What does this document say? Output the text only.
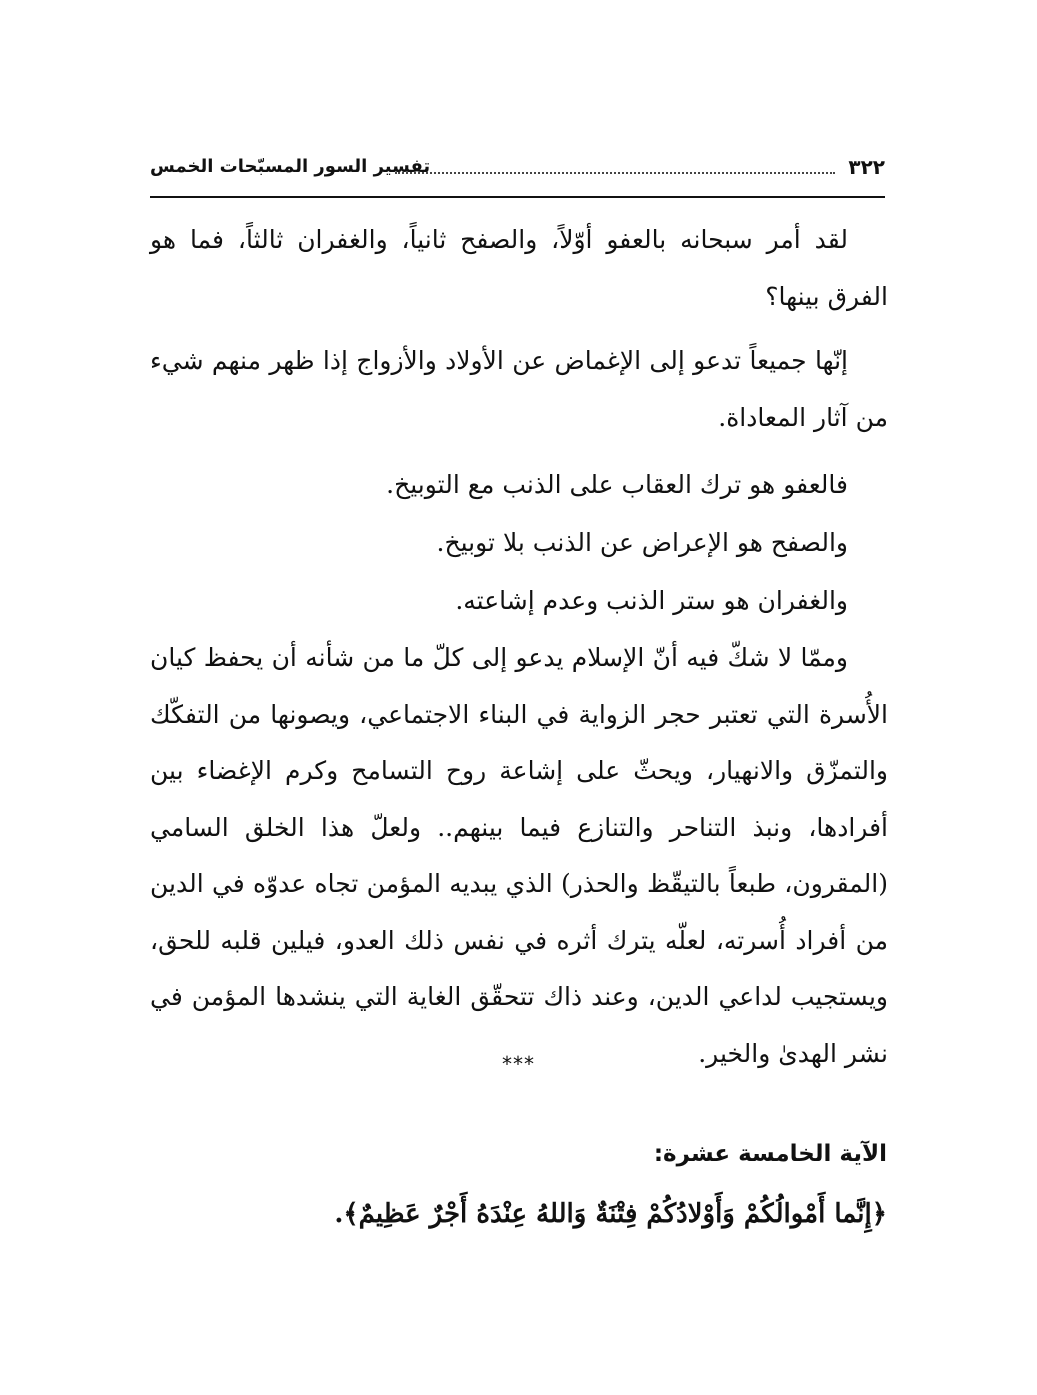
٣٢٢
تفسير السور المسبّحات الخمس

لقد أمر سبحانه بالعفو أوّلاً، والصفح ثانياً، والغفران ثالثاً، فما هو الفرق بينها؟

إنّها جميعاً تدعو إلى الإغماض عن الأولاد والأزواج إذا ظهر منهم شيء من آثار المعاداة.

فالعفو هو ترك العقاب على الذنب مع التوبيخ.

والصفح هو الإعراض عن الذنب بلا توبيخ.

والغفران هو ستر الذنب وعدم إشاعته.

وممّا لا شكّ فيه أنّ الإسلام يدعو إلى كلّ ما من شأنه أن يحفظ كيان الأُسرة التي تعتبر حجر الزواية في البناء الاجتماعي، ويصونها من التفكّك والتمزّق والانهيار، ويحثّ على إشاعة روح التسامح وكرم الإغضاء بين أفرادها، ونبذ التناحر والتنازع فيما بينهم.. ولعلّ هذا الخلق السامي (المقرون، طبعاً بالتيقّظ والحذر) الذي يبديه المؤمن تجاه عدوّه في الدين من أفراد أُسرته، لعلّه يترك أثره في نفس ذلك العدو، فيلين قلبه للحق، ويستجيب لداعي الدين، وعند ذاك تتحقّق الغاية التي ينشدها المؤمن في نشر الهدىٰ والخير.

***
الآية الخامسة عشرة:
﴿إِنَّما أَمْوالُكُمْ وَأَوْلادُكُمْ فِتْنَةٌ وَاللهُ عِنْدَهُ أَجْرٌ عَظِيمٌ﴾.
